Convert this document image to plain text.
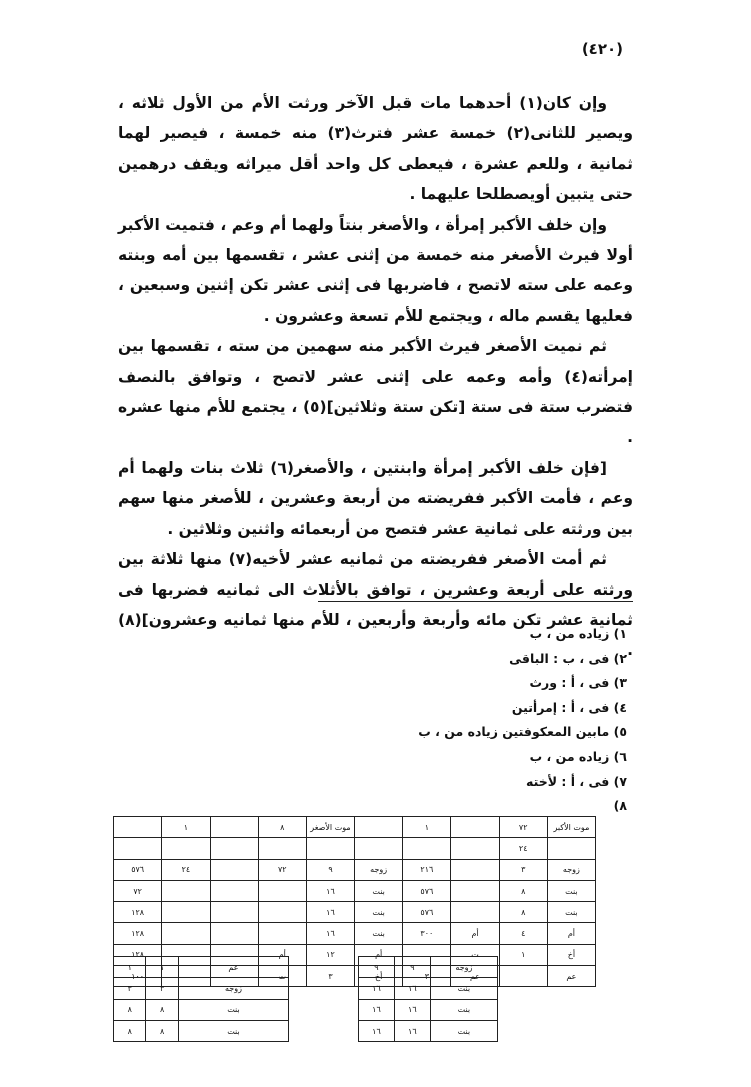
(٤٢٠)

وإن كان(١) أحدهما مات قبل الآخر ورثت الأم من الأول ثلاثه ، ويصير للثانى(٢) خمسة عشر فترث(٣) منه خمسة ، فيصير لهما ثمانية ، وللعم عشرة ، فيعطى كل واحد أقل ميراثه ويقف درهمين حتى يتبين أويصطلحا عليهما .

وإن خلف الأكبر إمرأة ، والأصغر بنتاً ولهما أم وعم ، فتميت الأكبر أولا فيرث الأصغر منه خمسة من إثنى عشر ، تقسمها بين أمه وبنته وعمه على سته لاتصح ، فاضربها فى إثنى عشر تكن إثنين وسبعين ، فعليها يقسم ماله ، ويجتمع للأم تسعة وعشرون .

ثم نميت الأصغر فيرث الأكبر منه سهمين من سته ، تقسمها بين إمرأته(٤) وأمه وعمه على إثنى عشر لاتصح ، وتوافق بالنصف فتضرب ستة فى ستة [تكن ستة وثلاثين](٥) ، يجتمع للأم منها عشره .

[فإن خلف الأكبر إمرأة وابنتين ، والأصغر(٦) ثلاث بنات ولهما أم وعم ، فأمت الأكبر ففريضته من أربعة وعشرين ، للأصغر منها سهم بين ورثته على ثمانية عشر فتصح من أربعمائه واثنين وثلاثين .

ثم أمت الأصغر ففريضته من ثمانيه عشر لأخيه(٧) منها ثلاثة بين ورثته على أربعة وعشرين ، توافق بالأثلاث الى ثمانيه فضربها فى ثمانية عشر تكن مائه وأربعة وأربعين ، للأم منها ثمانيه وعشرون](٨) .

١) زياده من ، ب
٢) فى ، ب : الباقى
٣) فى ، أ : ورث
٤) فى ، أ : إمرأتين
٥) مابين المعكوفتين زياده من ، ب
٦) زياده من ، ب
٧) فى ، أ : لأخته
٨)
موت الأكبر	٧٢		١		موت الأصغر	٨		١	
	٢٤								
زوجه	٣		٢١٦	زوجه	٩	٧٢		٢٤	٥٧٦
بنت	٨		٥٧٦	بنت	١٦				٧٢
بنت	٨		٥٧٦	بنت	١٦				١٢٨
أم	٤	أم	٣٠٠	بنت	١٦				١٢٨
أخ	١	ت		أم	١٢	أم			١٢٨
عم		عم	٣	أخ	٣	ت			١٠٠
زوجه	٩	٩
بنت	١٦	١٦
بنت	١٦	١٦
بنت	١٦	١٦
عم	١	١
زوجه	٣	٣
بنت	٨	٨
بنت	٨	٨
